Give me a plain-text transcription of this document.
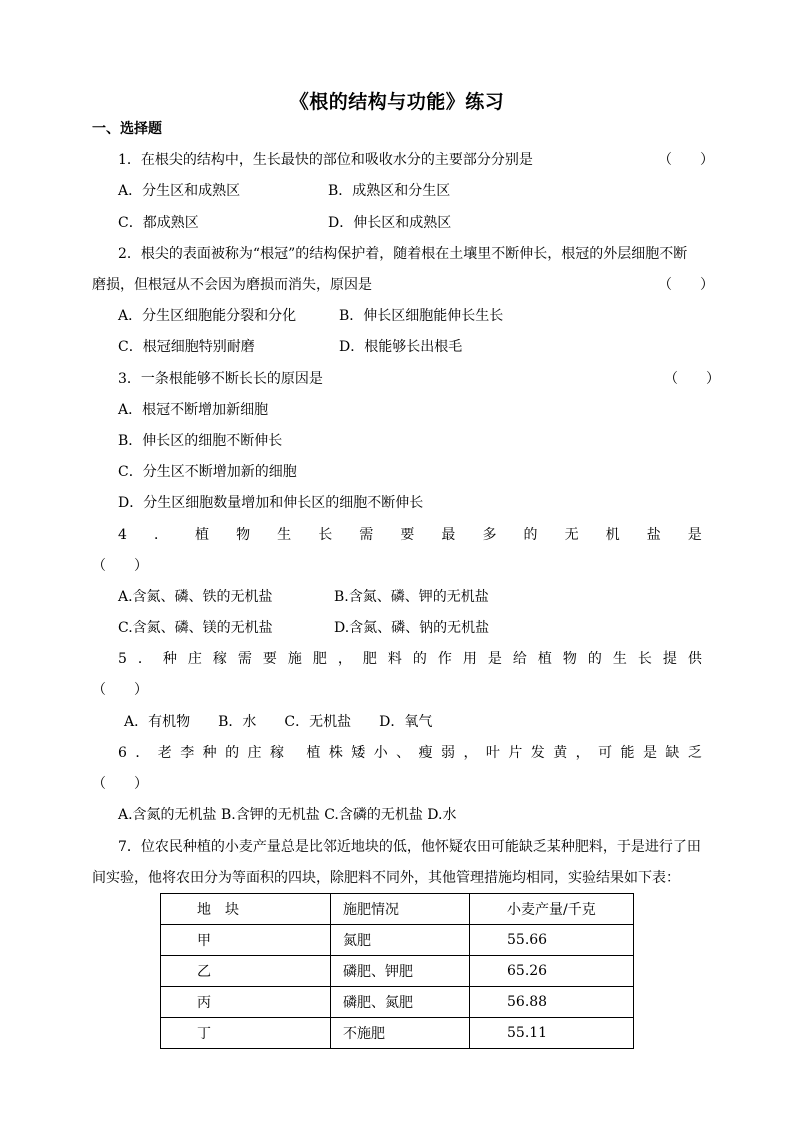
《根的结构与功能》练习
一、选择题
1．在根尖的结构中，生长最快的部位和吸收水分的主要部分分别是	（　　）
A．分生区和成熟区	B．成熟区和分生区
C．都成熟区	D．伸长区和成熟区
2．根尖的表面被称为“根冠”的结构保护着，随着根在土壤里不断伸长，根冠的外层细胞不断
磨损，但根冠从不会因为磨损而消失，原因是	（　　）
A．分生区细胞能分裂和分化	B．伸长区细胞能伸长生长
C．根冠细胞特别耐磨	D．根能够长出根毛
3．一条根能够不断长长的原因是	（　　）
A．根冠不断增加新细胞
B．伸长区的细胞不断伸长
C．分生区不断增加新的细胞
D．分生区细胞数量增加和伸长区的细胞不断伸长
4 ． 植 物 生 长 需 要 最 多 的 无 机 盐 是
（　　）
A.含氮、磷、铁的无机盐	B.含氮、磷、钾的无机盐
C.含氮、磷、镁的无机盐	D.含氮、磷、钠的无机盐
5 ． 种 庄 稼 需 要 施 肥 ， 肥 料 的 作 用 是 给 植 物 的 生 长 提 供
（　　）
A．有机物　　B．水　　C．无机盐　　D．氧气
6 ． 老 李 种 的 庄 稼 　植 株 矮 小 、 瘦 弱 ， 叶 片 发 黄 ， 可 能 是 缺 乏
（　　）
A.含氮的无机盐 B.含钾的无机盐 C.含磷的无机盐 D.水
7．位农民种植的小麦产量总是比邻近地块的低，他怀疑农田可能缺乏某种肥料，于是进行了田
间实验，他将农田分为等面积的四块，除肥料不同外，其他管理措施均相同，实验结果如下表：
地　块	施肥情况	小麦产量/千克
甲	氮肥	55.66
乙	磷肥、钾肥	65.26
丙	磷肥、氮肥	56.88
丁	不施肥	55.11
